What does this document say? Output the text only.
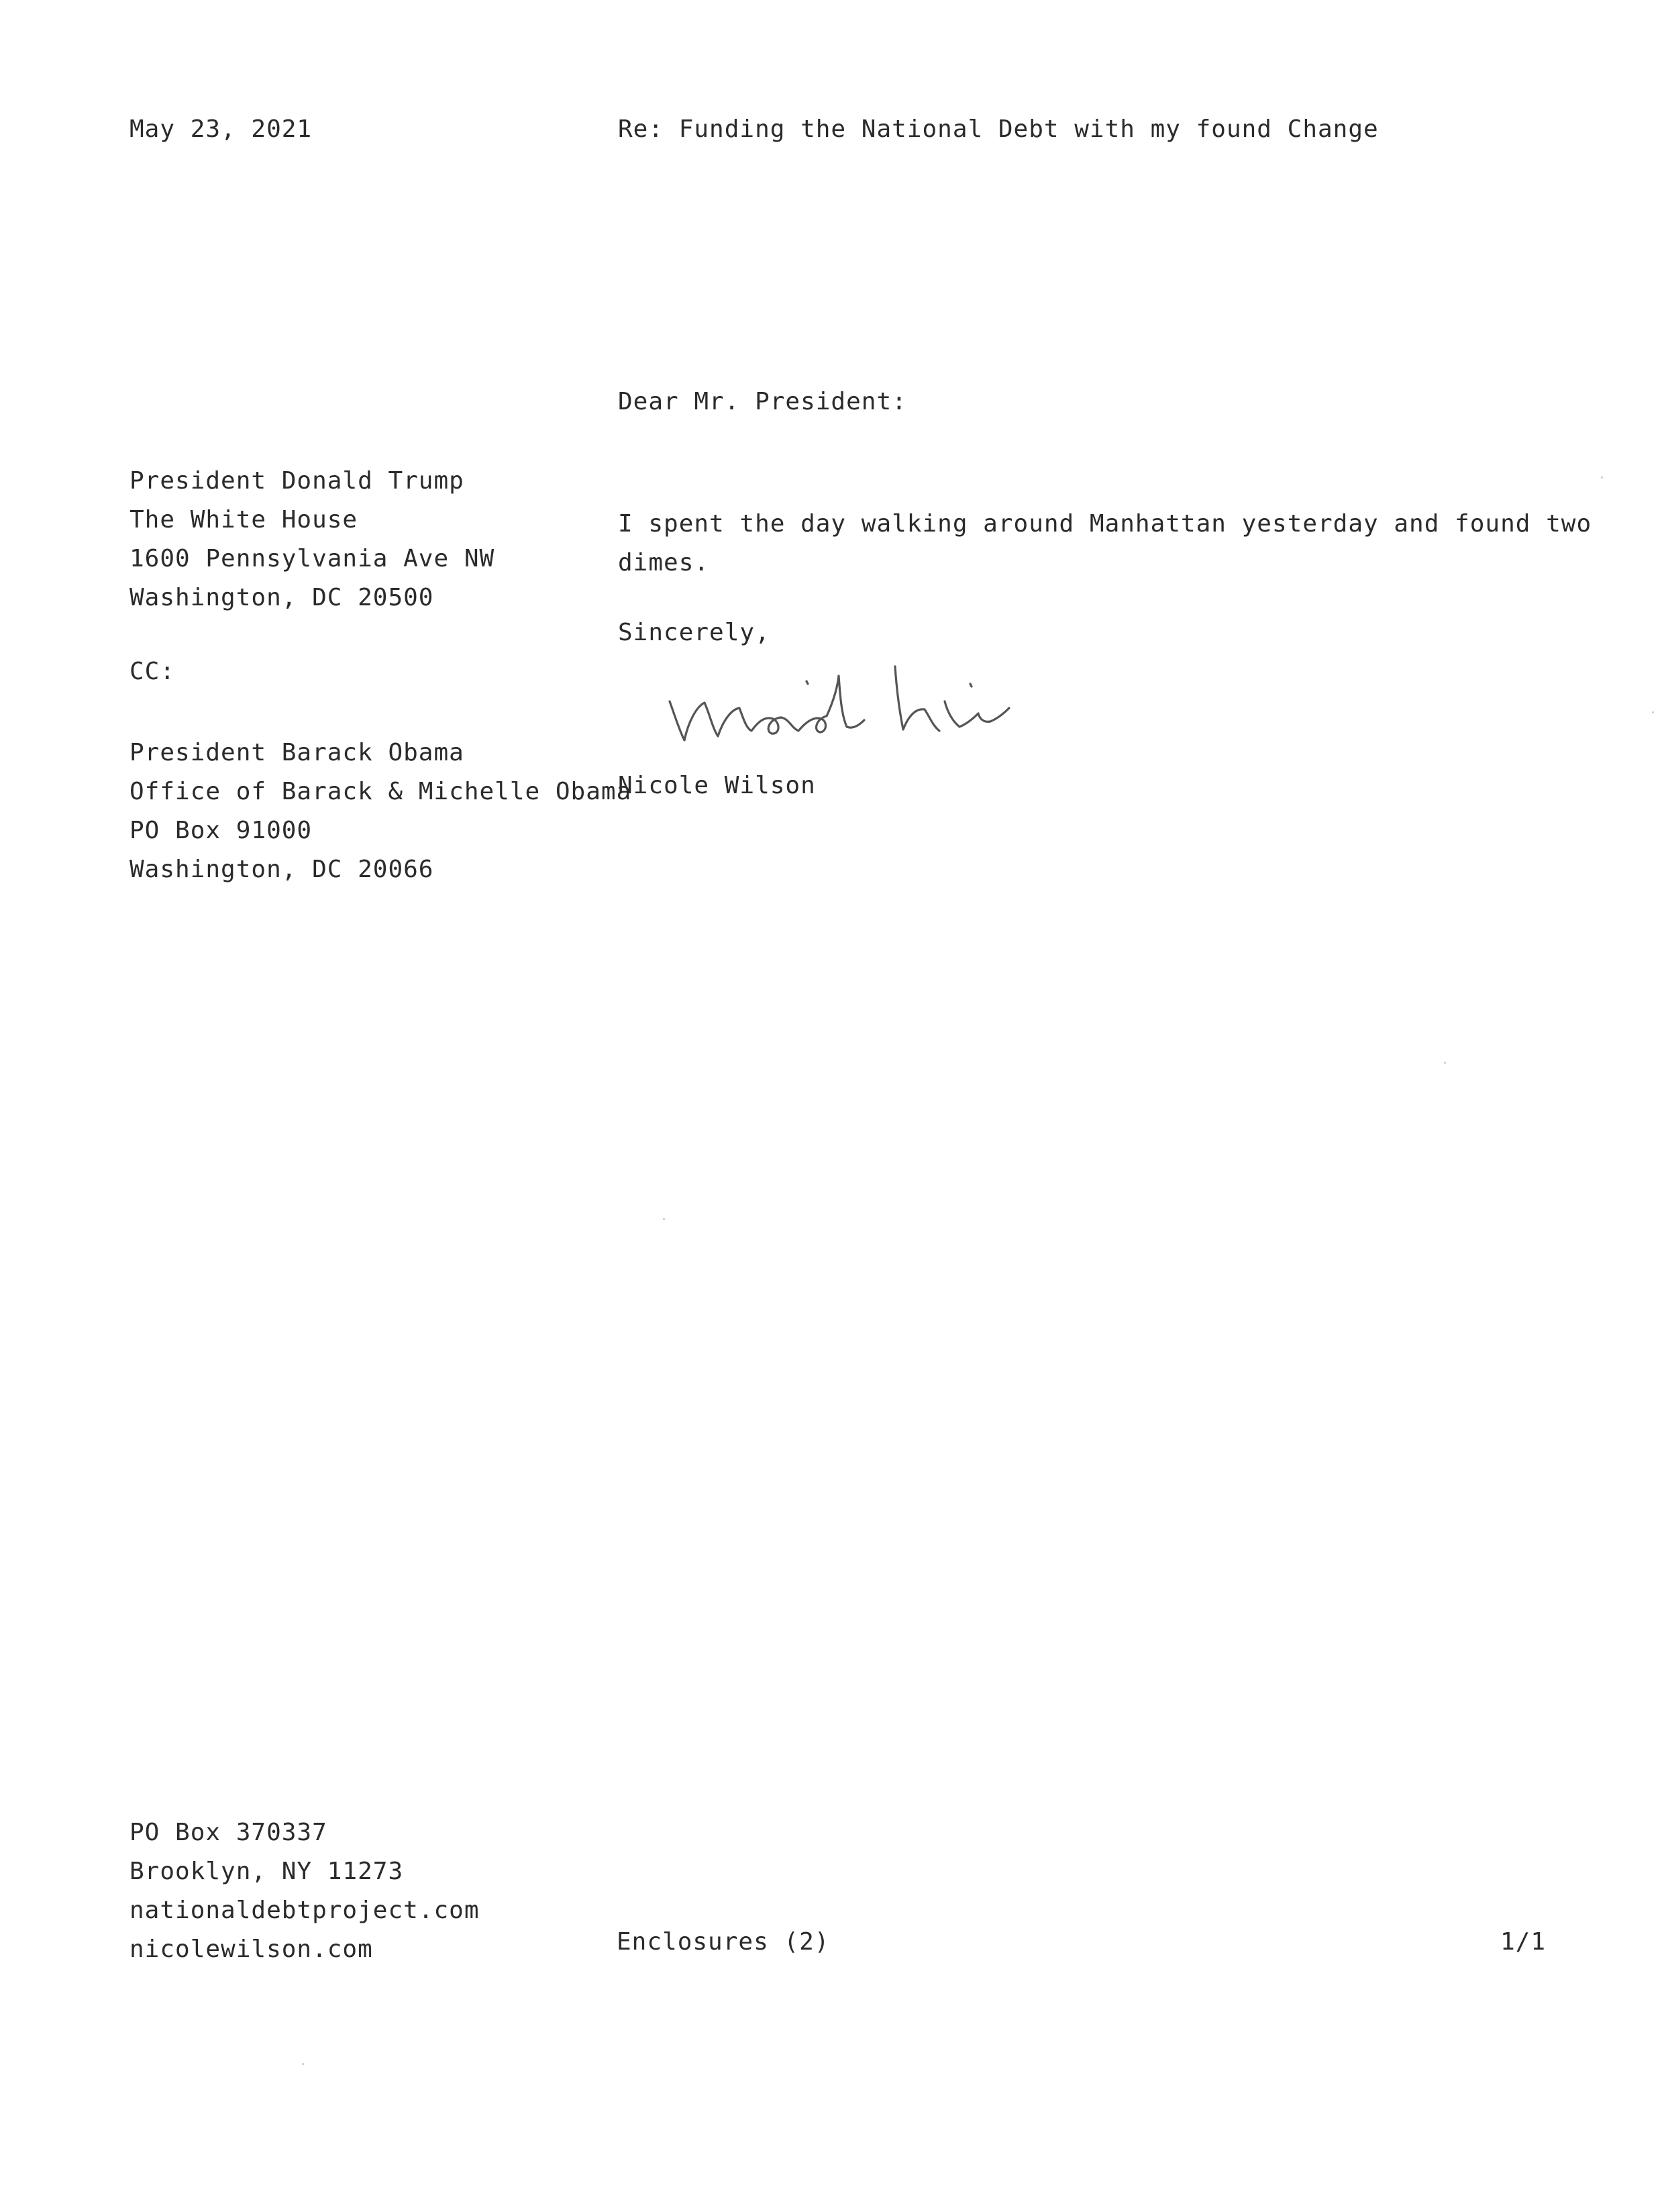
May 23, 2021	Re: Funding the National Debt with my found Change
Dear Mr. President:
President Donald Trump
The White House
1600 Pennsylvania Ave NW
Washington, DC 20500
CC:
President Barack Obama
Office of Barack & Michelle Obama
PO Box 91000
Washington, DC 20066
I spent the day walking around Manhattan yesterday and found two
dimes.
Sincerely,
Nicole Wilson
PO Box 370337
Brooklyn, NY 11273
nationaldebtproject.com
nicolewilson.com	Enclosures (2)	1/1
